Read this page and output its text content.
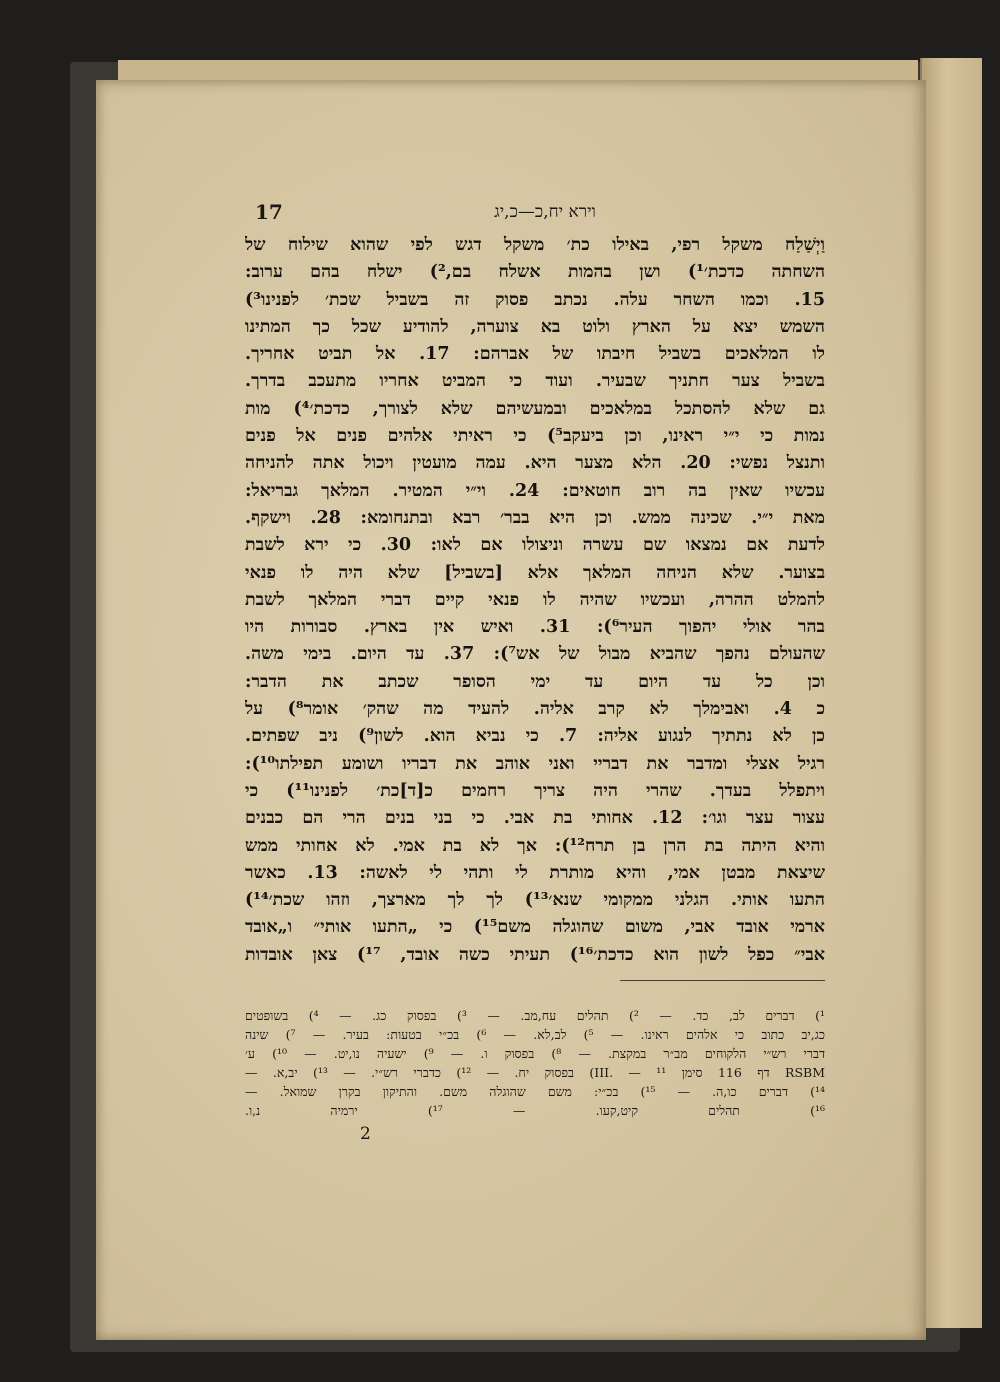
17	וירא יח,כ—כ,יג
וַיְשַׁלַח משקל רפי, באילו כת׳ משקל דגש לפי שהוא שילוח של
השחתה כדכת׳¹) ושן בהמות אשלח בם,²) ישלח בהם ערוב:
15. וכמו השחר עלה. נכתב פסוק זה בשביל שכת׳ לפנינו³)
השמש יצא על הארץ ולוט בא צוערה, להודיע שכל כך המתינו
לו המלאכים בשביל חיבתו של אברהם: 17. אל תביט אחריך.
בשביל צער חתניך שבעיר. ועוד כי המביט אחריו מתעכב בדרך.
גם שלא להסתכל במלאכים ובמעשיהם שלא לצורך, כדכת׳⁴) מות
נמות כי י״י ראינו, וכן ביעקב⁵) כי ראיתי אלהים פנים אל פנים
ותנצל נפשי: 20. הלא מצער היא. עמה מועטין ויכול אתה להניחה
עכשיו שאין בה רוב חוטאים: 24. וי״י המטיר. המלאך גבריאל:
מאת י״י. שכינה ממש. וכן היא בבר׳ רבא ובתנחומא: 28. וישקף.
לדעת אם נמצאו שם עשרה וניצולו אם לאו: 30. כי ירא לשבת
בצוער. שלא הניחה המלאך אלא [בשביל] שלא היה לו פנאי
להמלט ההרה, ועכשיו שהיה לו פנאי קיים דברי המלאך לשבת
בהר אולי יהפוך העיר⁶): 31. ואיש אין בארץ. סבורות היו
שהעולם נהפך שהביא מבול של אש⁷): 37. עד היום. בימי משה.
וכן כל עד היום עד ימי הסופר שכתב את הדבר:
כ 4. ואבימלך לא קרב אליה. להעיד מה שהק׳ אומר⁸) על
כן לא נתתיך לנגוע אליה: 7. כי נביא הוא. לשון⁹) ניב שפתים.
רגיל אצלי ומדבר את דבריי ואני אוהב את דבריו ושומע תפילתו¹⁰):
ויתפלל בעדך. שהרי היה צריך רחמים כ[ד]כת׳ לפנינו¹¹) כי
עצור עצר וגו׳: 12. אחותי בת אבי. כי בני בנים הרי הם כבנים
והיא היתה בת הרן בן תרח¹²): אך לא בת אמי. לא אחותי ממש
שיצאת מבטן אמי, והיא מותרת לי ותהי לי לאשה: 13. כאשר
התעו אותי. הגלני ממקומי שנא׳¹³) לך לך מארצך, וזהו שכת׳¹⁴)
ארמי אובד אבי, משום שהוגלה משם¹⁵) כי „התעו אותי״ ו„אובד
אבי״ כפל לשון הוא כדכת׳¹⁶) תעיתי כשה אובד, ¹⁷) צאן אובדות
¹) דברים לב, כד. — ²) תהלים עח,מב. — ³) בפסוק כג. — ⁴) בשופטים
כג,יב כתוב כי אלהים ראינו. — ⁵) לב,לא. — ⁶) בכ״י בטעות: בעיר. — ⁷) שינה
דברי רש״י הלקוחים מב״ר במקצת. — ⁸) בפסוק ו. — ⁹) ישעיה נו,יט. — ¹⁰) ע׳
RSBM דף 116 סימן III. — ¹¹) בפסוק יח. — ¹²) כדברי רש״י. — ¹³) יב,א. —
¹⁴) דברים כו,ה. — ¹⁵) בכ״י: משם שהוגלה משם. והתיקון בקרן שמואל. —
¹⁶) תהלים קיט,קעו. — ¹⁷) ירמיה נ,ו.
2
